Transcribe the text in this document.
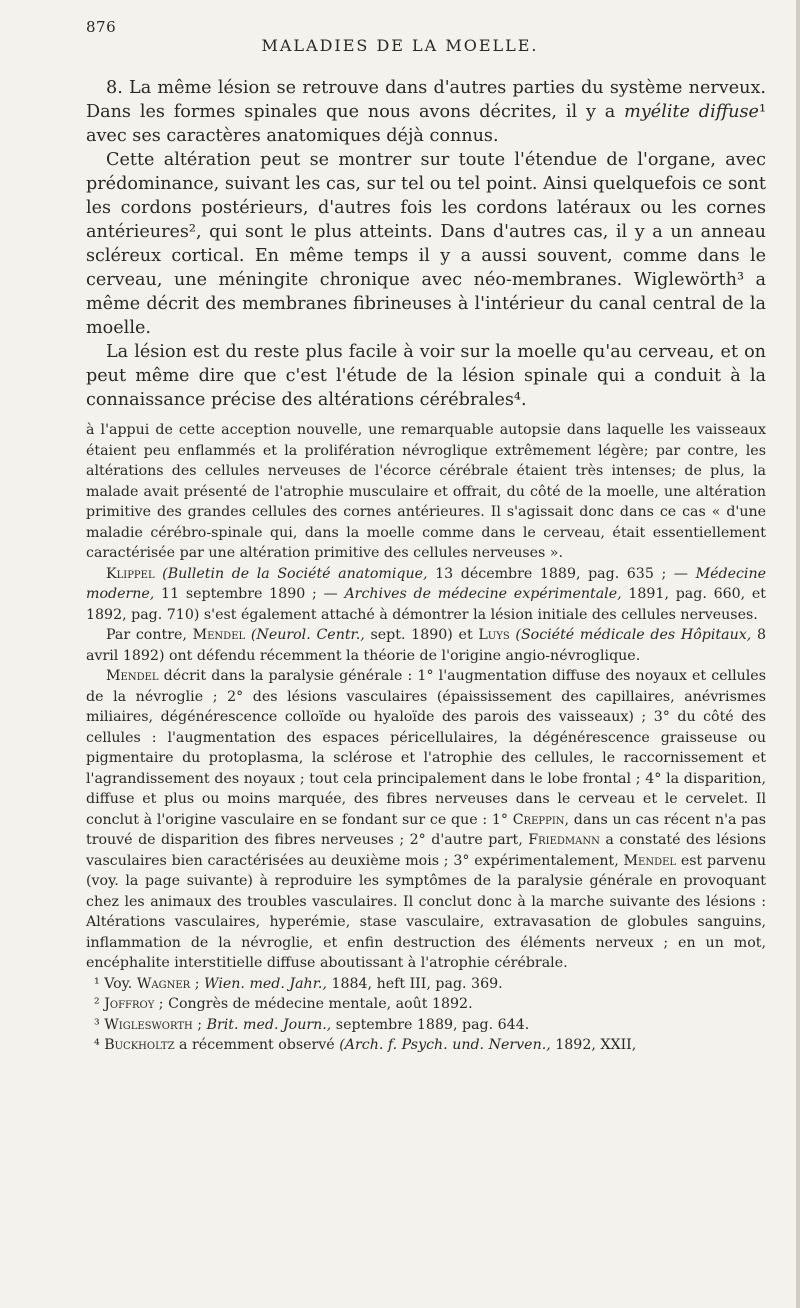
876
MALADIES DE LA MOELLE.

8. La même lésion se retrouve dans d'autres parties du système nerveux. Dans les formes spinales que nous avons décrites, il y a myélite diffuse¹ avec ses caractères anatomiques déjà connus.

Cette altération peut se montrer sur toute l'étendue de l'organe, avec prédominance, suivant les cas, sur tel ou tel point. Ainsi quelquefois ce sont les cordons postérieurs, d'autres fois les cordons latéraux ou les cornes antérieures², qui sont le plus atteints. Dans d'autres cas, il y a un anneau scléreux cortical. En même temps il y a aussi souvent, comme dans le cerveau, une méningite chronique avec néo-membranes. Wiglewörth³ a même décrit des membranes fibrineuses à l'intérieur du canal central de la moelle.

La lésion est du reste plus facile à voir sur la moelle qu'au cerveau, et on peut même dire que c'est l'étude de la lésion spinale qui a conduit à la connaissance précise des altérations cérébrales⁴.

à l'appui de cette acception nouvelle, une remarquable autopsie dans laquelle les vaisseaux étaient peu enflammés et la prolifération névroglique extrêmement légère; par contre, les altérations des cellules nerveuses de l'écorce cérébrale étaient très intenses; de plus, la malade avait présenté de l'atrophie musculaire et offrait, du côté de la moelle, une altération primitive des grandes cellules des cornes antérieures. Il s'agissait donc dans ce cas « d'une maladie cérébro-spinale qui, dans la moelle comme dans le cerveau, était essentiellement caractérisée par une altération primitive des cellules nerveuses ».

Klippel (Bulletin de la Société anatomique, 13 décembre 1889, pag. 635 ; — Médecine moderne, 11 septembre 1890 ; — Archives de médecine expérimentale, 1891, pag. 660, et 1892, pag. 710) s'est également attaché à démontrer la lésion initiale des cellules nerveuses.

Par contre, Mendel (Neurol. Centr., sept. 1890) et Luys (Société médicale des Hôpitaux, 8 avril 1892) ont défendu récemment la théorie de l'origine angio-névroglique.

Mendel décrit dans la paralysie générale : 1° l'augmentation diffuse des noyaux et cellules de la névroglie ; 2° des lésions vasculaires (épaississement des capillaires, anévrismes miliaires, dégénérescence colloïde ou hyaloïde des parois des vaisseaux) ; 3° du côté des cellules : l'augmentation des espaces péricellulaires, la dégénérescence graisseuse ou pigmentaire du protoplasma, la sclérose et l'atrophie des cellules, le raccornissement et l'agrandissement des noyaux ; tout cela principalement dans le lobe frontal ; 4° la disparition, diffuse et plus ou moins marquée, des fibres nerveuses dans le cerveau et le cervelet. Il conclut à l'origine vasculaire en se fondant sur ce que : 1° Creppin, dans un cas récent n'a pas trouvé de disparition des fibres nerveuses ; 2° d'autre part, Friedmann a constaté des lésions vasculaires bien caractérisées au deuxième mois ; 3° expérimentalement, Mendel est parvenu (voy. la page suivante) à reproduire les symptômes de la paralysie générale en provoquant chez les animaux des troubles vasculaires. Il conclut donc à la marche suivante des lésions : Altérations vasculaires, hyperémie, stase vasculaire, extravasation de globules sanguins, inflammation de la névroglie, et enfin destruction des éléments nerveux ; en un mot, encéphalite interstitielle diffuse aboutissant à l'atrophie cérébrale.

¹ Voy. Wagner ; Wien. med. Jahr., 1884, heft III, pag. 369.

² Joffroy ; Congrès de médecine mentale, août 1892.

³ Wiglesworth ; Brit. med. Journ., septembre 1889, pag. 644.

⁴ Buckholtz a récemment observé (Arch. f. Psych. und. Nerven., 1892, XXII,
